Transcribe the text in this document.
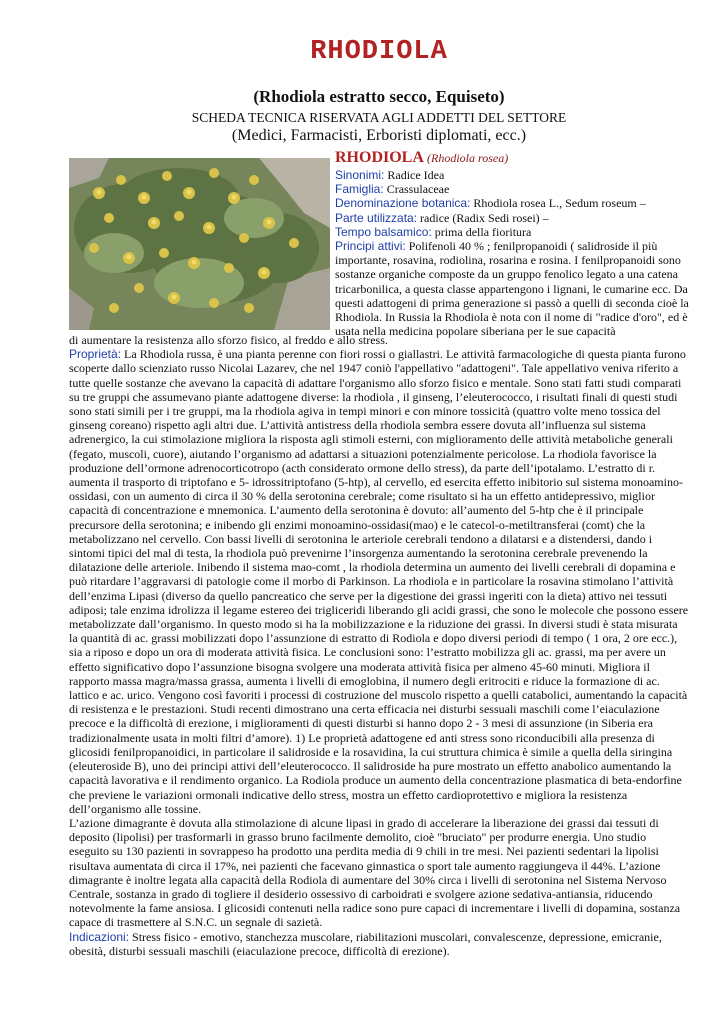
RHODIOLA
(Rhodiola estratto secco, Equiseto)
SCHEDA TECNICA RISERVATA AGLI ADDETTI DEL SETTORE
(Medici, Farmacisti, Erboristi diplomati, ecc.)
RHODIOLA (Rhodiola rosea)
Sinonimi: Radice Idea
Famiglia: Crassulaceae
Denominazione botanica: Rhodiola rosea L., Sedum roseum –
Parte utilizzata: radice (Radix Sedi rosei) –
Tempo balsamico: prima della fioritura
Principi attivi: Polifenoli 40 % ; fenilpropanoidi ( salidroside il più importante, rosavina, rodiolina, rosarina e rosina. I fenilpropanoidi sono sostanze organiche composte da un gruppo fenolico legato a una catena tricarbonilica, a questa classe appartengono i lignani, le cumarine ecc. Da questi adattogeni di prima generazione si passò a quelli di seconda cioè la Rhodiola. In Russia la Rhodiola è nota con il nome di "radice d'oro", ed è usata nella medicina popolare siberiana per le sue capacità

di aumentare la resistenza allo sforzo fisico, al freddo e allo stress.

Proprietà: La Rhodiola russa, è una pianta perenne con fiori rossi o giallastri. Le attività farmacologiche di questa pianta furono scoperte dallo scienziato russo Nicolai Lazarev, che nel 1947 coniò l'appellativo "adattogeni". Tale appellativo veniva riferito a tutte quelle sostanze che avevano la capacità di adattare l'organismo allo sforzo fisico e mentale. Sono stati fatti studi comparati su tre gruppi che assumevano piante adattogene diverse: la rhodiola , il ginseng, l’eleuterococco, i risultati finali di questi studi sono stati simili per i tre gruppi, ma la rhodiola agiva in tempi minori e con minore tossicità (quattro volte meno tossica del ginseng coreano) rispetto agli altri due. L’attività antistress della rhodiola sembra essere dovuta all’influenza sul sistema adrenergico, la cui stimolazione migliora la risposta agli stimoli esterni, con miglioramento delle attività metaboliche generali (fegato, muscoli, cuore), aiutando l’organismo ad adattarsi a situazioni potenzialmente pericolose. La rhodiola favorisce la produzione dell’ormone adrenocorticotropo (acth considerato ormone dello stress), da parte dell’ipotalamo. L’estratto di r. aumenta il trasporto di triptofano e 5- idrossitriptofano (5-htp), al cervello, ed esercita effetto inibitorio sul sistema monoamino-ossidasi, con un aumento di circa il 30 % della serotonina cerebrale; come risultato si ha un effetto antidepressivo, miglior capacità di concentrazione e mnemonica. L’aumento della serotonina è dovuto: all’aumento del 5-htp che è il principale precursore della serotonina; e inibendo gli enzimi monoamino-ossidasi(mao) e le catecol-o-metiltransferai (comt) che la metabolizzano nel cervello. Con bassi livelli di serotonina le arteriole cerebrali tendono a dilatarsi e a distendersi, dando i sintomi tipici del mal di testa, la rhodiola può prevenirne l’insorgenza aumentando la serotonina cerebrale prevenendo la dilatazione delle arteriole. Inibendo il sistema mao-comt , la rhodiola determina un aumento dei livelli cerebrali di dopamina e può ritardare l’aggravarsi di patologie come il morbo di Parkinson. La rhodiola e in particolare la rosavina stimolano l’attività dell’enzima Lipasi (diverso da quello pancreatico che serve per la digestione dei grassi ingeriti con la dieta) attivo nei tessuti adiposi; tale enzima idrolizza il legame estereo dei trigliceridi liberando gli acidi grassi, che sono le molecole che possono essere metabolizzate dall’organismo. In questo modo si ha la mobilizzazione e la riduzione dei grassi. In diversi studi è stata misurata la quantità di ac. grassi mobilizzati dopo l’assunzione di estratto di Rodiola e dopo diversi periodi di tempo ( 1 ora, 2 ore ecc.), sia a riposo e dopo un ora di moderata attività fisica. Le conclusioni sono: l’estratto mobilizza gli ac. grassi, ma per avere un effetto significativo dopo l’assunzione bisogna svolgere una moderata attività fisica per almeno 45-60 minuti. Migliora il rapporto massa magra/massa grassa, aumenta i livelli di emoglobina, il numero degli eritrociti e riduce la formazione di ac. lattico e ac. urico. Vengono così favoriti i processi di costruzione del muscolo rispetto a quelli catabolici, aumentando la capacità di resistenza e le prestazioni. Studi recenti dimostrano una certa efficacia nei disturbi sessuali maschili come l’eiaculazione precoce e la difficoltà di erezione, i miglioramenti di questi disturbi si hanno dopo 2 - 3 mesi di assunzione (in Siberia era tradizionalmente usata in molti filtri d’amore). 1) Le proprietà adattogene ed anti stress sono riconducibili alla presenza di glicosidi fenilpropanoidici, in particolare il salidroside e la rosavidina, la cui struttura chimica è simile a quella della siringina (eleuteroside B), uno dei principi attivi dell’eleuterococco. Il salidroside ha pure mostrato un effetto anabolico aumentando la capacità lavorativa e il rendimento organico. La Rodiola produce un aumento della concentrazione plasmatica di beta-endorfine che previene le variazioni ormonali indicative dello stress, mostra un effetto cardioprotettivo e migliora la resistenza dell’organismo alle tossine.

L’azione dimagrante è dovuta alla stimolazione di alcune lipasi in grado di accelerare la liberazione dei grassi dai tessuti di deposito (lipolisi) per trasformarli in grasso bruno facilmente demolito, cioè "bruciato" per produrre energia. Uno studio eseguito su 130 pazienti in sovrappeso ha prodotto una perdita media di 9 chili in tre mesi. Nei pazienti sedentari la lipolisi risultava aumentata di circa il 17%, nei pazienti che facevano ginnastica o sport tale aumento raggiungeva il 44%. L’azione dimagrante è inoltre legata alla capacità della Rodiola di aumentare del 30% circa i livelli di serotonina nel Sistema Nervoso Centrale, sostanza in grado di togliere il desiderio ossessivo di carboidrati e svolgere azione sedativa-antiansia, riducendo notevolmente la fame ansiosa. I glicosidi contenuti nella radice sono pure capaci di incrementare i livelli di dopamina, sostanza capace di trasmettere al S.N.C. un segnale di sazietà.

Indicazioni: Stress fisico - emotivo, stanchezza muscolare, riabilitazioni muscolari, convalescenze, depressione, emicranie, obesità, disturbi sessuali maschili (eiaculazione precoce, difficoltà di erezione).
